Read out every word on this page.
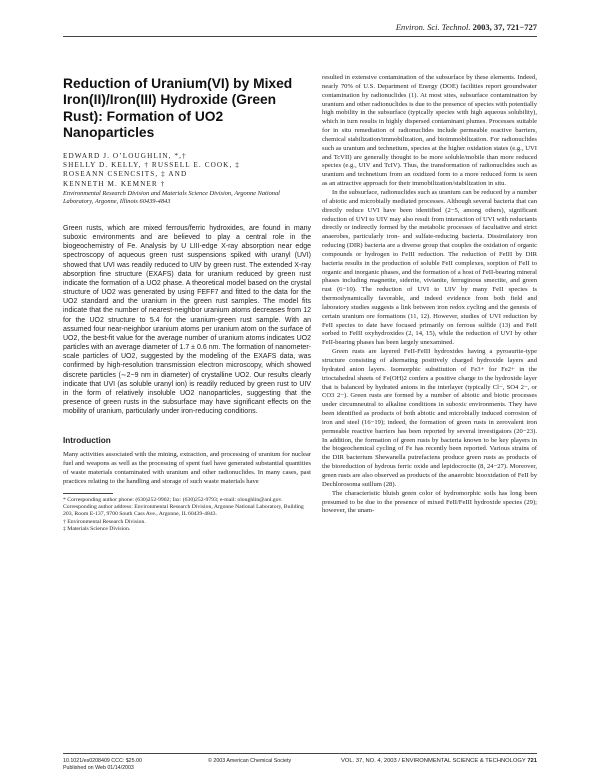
Environ. Sci. Technol. 2003, 37, 721−727
Reduction of Uranium(VI) by Mixed Iron(II)/Iron(III) Hydroxide (Green Rust): Formation of UO2 Nanoparticles
EDWARD J. O’LOUGHLIN, *,†
SHELLY D. KELLY, † RUSSELL E. COOK, ‡
ROSEANN CSENCSITS, ‡ AND
KENNETH M. KEMNER †
Environmental Research Division and Materials Science Division, Argonne National Laboratory, Argonne, Illinois 60439-4843
Green rusts, which are mixed ferrous/ferric hydroxides, are found in many suboxic environments and are believed to play a central role in the biogeochemistry of Fe. Analysis by U LIII-edge X-ray absorption near edge spectroscopy of aqueous green rust suspensions spiked with uranyl (UVI) showed that UVI was readily reduced to UIV by green rust. The extended X-ray absorption fine structure (EXAFS) data for uranium reduced by green rust indicate the formation of a UO2 phase. A theoretical model based on the crystal structure of UO2 was generated by using FEFF7 and fitted to the data for the UO2 standard and the uranium in the green rust samples. The model fits indicate that the number of nearest-neighbor uranium atoms decreases from 12 for the UO2 structure to 5.4 for the uranium-green rust sample. With an assumed four near-neighbor uranium atoms per uranium atom on the surface of UO2, the best-fit value for the average number of uranium atoms indicates UO2 particles with an average diameter of 1.7 ± 0.6 nm. The formation of nanometer-scale particles of UO2, suggested by the modeling of the EXAFS data, was confirmed by high-resolution transmission electron microscopy, which showed discrete particles (∼2−9 nm in diameter) of crystalline UO2. Our results clearly indicate that UVI (as soluble uranyl ion) is readily reduced by green rust to UIV in the form of relatively insoluble UO2 nanoparticles, suggesting that the presence of green rusts in the subsurface may have significant effects on the mobility of uranium, particularly under iron-reducing conditions.
Introduction

Many activities associated with the mining, extraction, and processing of uranium for nuclear fuel and weapons as well as the processing of spent fuel have generated substantial quantities of waste materials contaminated with uranium and other radionuclides. In many cases, past practices relating to the handling and storage of such waste materials have

* Corresponding author phone: (630)252-9902; fax: (630)252-9793; e-mail: oloughlin@anl.gov. Corresponding author address: Environmental Research Division, Argonne National Laboratory, Building 203, Room E-137, 9700 South Cass Ave., Argonne, IL 60439-4843.

† Environmental Research Division.

‡ Materials Science Division.

resulted in extensive contamination of the subsurface by these elements. Indeed, nearly 70% of U.S. Department of Energy (DOE) facilities report groundwater contamination by radionuclides (1). At most sites, subsurface contamination by uranium and other radionuclides is due to the presence of species with potentially high mobility in the subsurface (typically species with high aqueous solubility), which in turn results in highly dispersed contaminant plumes. Processes suitable for in situ remediation of radionuclides include permeable reactive barriers, chemical stabilization/immobilization, and bioimmobilization. For radionuclides such as uranium and technetium, species at the higher oxidation states (e.g., UVI and TcVII) are generally thought to be more soluble/mobile than more reduced species (e.g., UIV and TcIV). Thus, the transformation of radionuclides such as uranium and technetium from an oxidized form to a more reduced form is seen as an attractive approach for their immobilization/stabilization in situ.

In the subsurface, radionuclides such as uranium can be reduced by a number of abiotic and microbially mediated processes. Although several bacteria that can directly reduce UVI have been identified (2−5, among others), significant reduction of UVI to UIV may also result from interaction of UVI with reductants directly or indirectly formed by the metabolic processes of facultative and strict anaerobes, particularly iron- and sulfate-reducing bacteria. Dissimilatory iron reducing (DIR) bacteria are a diverse group that couples the oxidation of organic compounds or hydrogen to FeIII reduction. The reduction of FeIII by DIR bacteria results in the production of soluble FeII complexes, sorption of FeII to organic and inorganic phases, and the formation of a host of FeII-bearing mineral phases including magnetite, siderite, vivianite, ferruginous smectite, and green rust (6−10). The reduction of UVI to UIV by many FeII species is thermodynamically favorable, and indeed evidence from both field and laboratory studies suggests a link between iron redox cycling and the genesis of certain uranium ore formations (11, 12). However, studies of UVI reduction by FeII species to date have focused primarily on ferrous sulfide (13) and FeII sorbed to FeIII oxyhydroxides (2, 14, 15), while the reduction of UVI by other FeII-bearing phases has been largely unexamined.

Green rusts are layered FeII-FeIII hydroxides having a pyroaurite-type structure consisting of alternating positively charged hydroxide layers and hydrated anion layers. Isomorphic substitution of Fe3+ for Fe2+ in the trioctahedral sheets of Fe(OH)2 confers a positive charge to the hydroxide layer that is balanced by hydrated anions in the interlayer (typically Cl−, SO4 2−, or CO3 2−). Green rusts are formed by a number of abiotic and biotic processes under circumneutral to alkaline conditions in suboxic environments. They have been identified as products of both abiotic and microbially induced corrosion of iron and steel (16−19); indeed, the formation of green rusts in zerovalent iron permeable reactive barriers has been reported by several investigators (20−23). In addition, the formation of green rusts by bacteria known to be key players in the biogeochemical cycling of Fe has recently been reported. Various strains of the DIR bacterium Shewanella putrefaciens produce green rusts as products of the bioreduction of hydrous ferric oxide and lepidocrocite (8, 24−27). Moreover, green rusts are also observed as products of the anaerobic biooxidation of FeII by Dechlorosoma suillum (28).

The characteristic bluish green color of hydromorphic soils has long been presumed to be due to the presence of mixed FeII/FeIII hydroxide species (29); however, the unam-

10.1021/es0208409 CCC: $25.00
Published on Web 01/14/2003
© 2003 American Chemical Society	VOL. 37, NO. 4, 2003 / ENVIRONMENTAL SCIENCE & TECHNOLOGY 721
